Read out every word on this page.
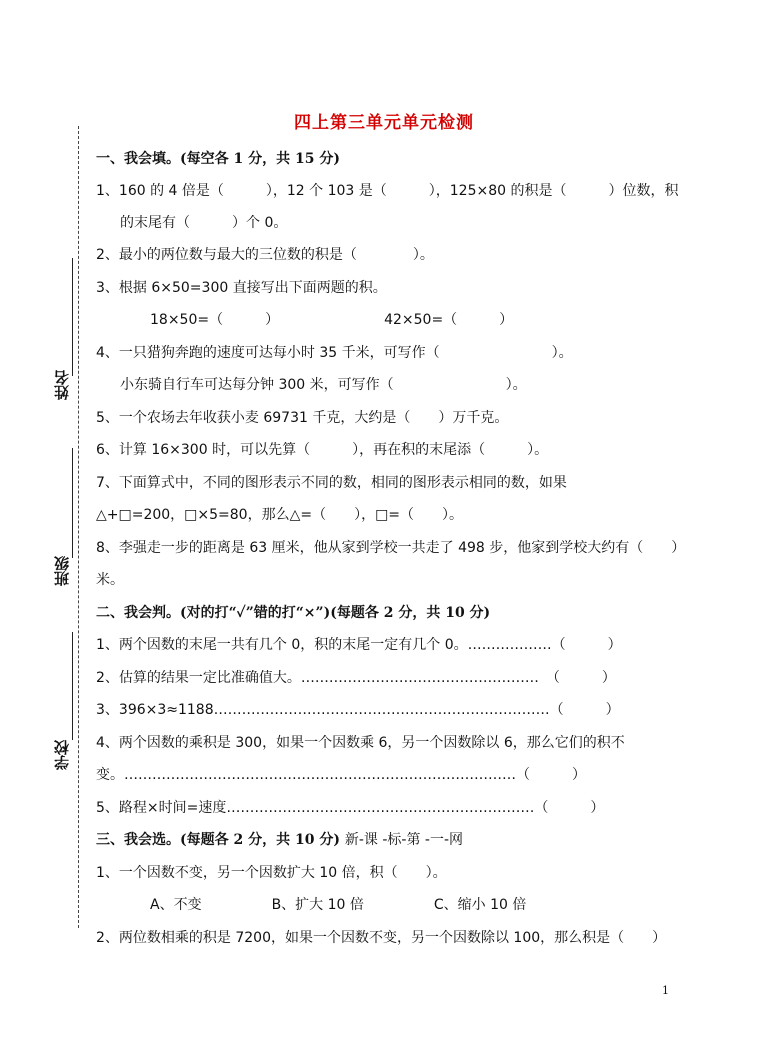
四上第三单元单元检测
姓名
班级
学校
一、我会填。(每空各 1 分，共 15 分)
1、160 的 4 倍是（　　　），12 个 103 是（　　　），125×80 的积是（　　　）位数，积
的末尾有（　　　）个 0。
2、最小的两位数与最大的三位数的积是（　　　　）。
3、根据 6×50=300 直接写出下面两题的积。
18×50=（　　　）　　　　　　　　42×50=（　　　）
4、一只猎狗奔跑的速度可达每小时 35 千米，可写作（　　　　　　　　）。
小东骑自行车可达每分钟 300 米，可写作（　　　　　　　　）。
5、一个农场去年收获小麦 69731 千克，大约是（　　）万千克。
6、计算 16×300 时，可以先算（　　　），再在积的末尾添（　　　）。
7、下面算式中，不同的图形表示不同的数，相同的图形表示相同的数，如果
△+□=200，□×5=80，那么△=（　　），□=（　　）。
8、李强走一步的距离是 63 厘米，他从家到学校一共走了 498 步，他家到学校大约有（　　）
米。
二、我会判。(对的打“✓”错的打“×”)(每题各 2 分，共 10 分)
1、两个因数的末尾一共有几个 0，积的末尾一定有几个 0。………………（　　　）
2、估算的结果一定比准确值大。……………………………………………　（　　　）
3、396×3≈1188………………………………………………………………（　　　）
4、两个因数的乘积是 300，如果一个因数乘 6，另一个因数除以 6，那么它们的积不
变。…………………………………………………………………………（　　　）
5、路程×时间=速度…………………………………………………………（　　　）
三、我会选。(每题各 2 分，共 10 分) 新-课 -标-第 -一-网
1、一个因数不变，另一个因数扩大 10 倍，积（　　）。
A、不变　　　　　B、扩大 10 倍　　　　　C、缩小 10 倍
2、两位数相乘的积是 7200，如果一个因数不变，另一个因数除以 100，那么积是（　　）
1
